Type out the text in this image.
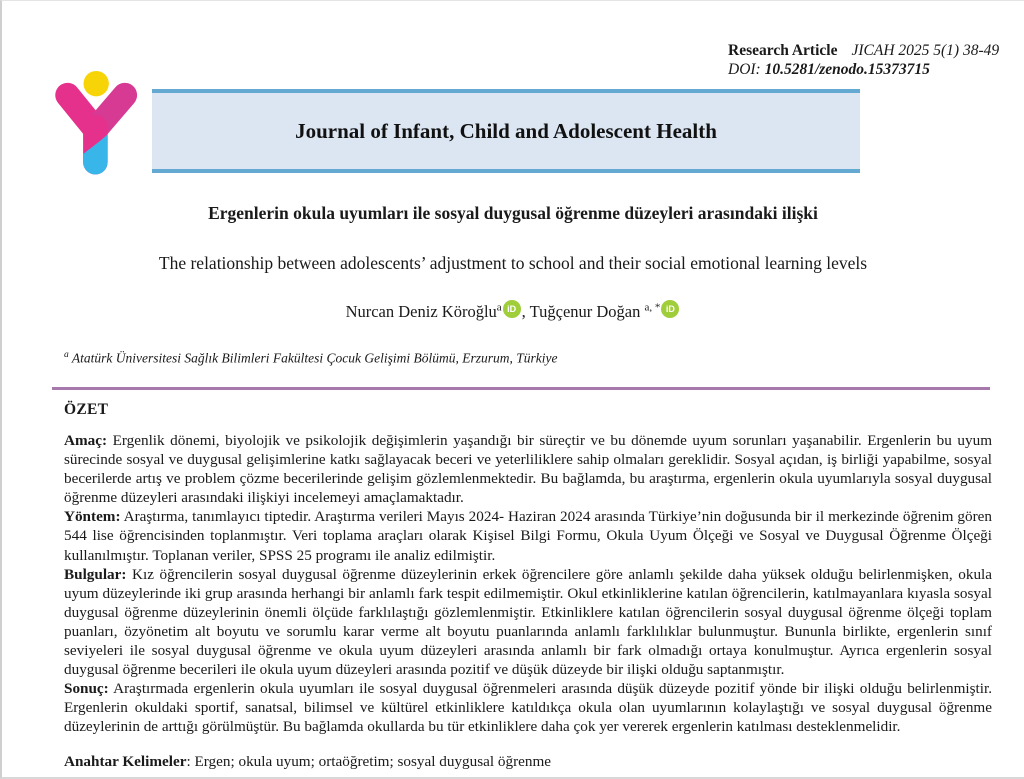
Research Article JICAH 2025 5(1) 38-49
DOI: 10.5281/zenodo.15373715
Journal of Infant, Child and Adolescent Health
Ergenlerin okula uyumları ile sosyal duygusal öğrenme düzeyleri arasındaki ilişki
The relationship between adolescents’ adjustment to school and their social emotional learning levels
Nurcan Deniz Köroğlu$^a$ iD , Tuğçenur Doğan $^{a, *}$ iD
$^a$ Atatürk Üniversitesi Sağlık Bilimleri Fakültesi Çocuk Gelişimi Bölümü, Erzurum, Türkiye
ÖZET

Amaç: Ergenlik dönemi, biyolojik ve psikolojik değişimlerin yaşandığı bir süreçtir ve bu dönemde uyum sorunları yaşanabilir. Ergenlerin bu uyum sürecinde sosyal ve duygusal gelişimlerine katkı sağlayacak beceri ve yeterliliklere sahip olmaları gereklidir. Sosyal açıdan, iş birliği yapabilme, sosyal becerilerde artış ve problem çözme becerilerinde gelişim gözlemlenmektedir. Bu bağlamda, bu araştırma, ergenlerin okula uyumlarıyla sosyal duygusal öğrenme düzeyleri arasındaki ilişkiyi incelemeyi amaçlamaktadır.

Yöntem: Araştırma, tanımlayıcı tiptedir. Araştırma verileri Mayıs 2024- Haziran 2024 arasında Türkiye’nin doğusunda bir il merkezinde öğrenim gören 544 lise öğrencisinden toplanmıştır. Veri toplama araçları olarak Kişisel Bilgi Formu, Okula Uyum Ölçeği ve Sosyal ve Duygusal Öğrenme Ölçeği kullanılmıştır. Toplanan veriler, SPSS 25 programı ile analiz edilmiştir.

Bulgular: Kız öğrencilerin sosyal duygusal öğrenme düzeylerinin erkek öğrencilere göre anlamlı şekilde daha yüksek olduğu belirlenmişken, okula uyum düzeylerinde iki grup arasında herhangi bir anlamlı fark tespit edilmemiştir. Okul etkinliklerine katılan öğrencilerin, katılmayanlara kıyasla sosyal duygusal öğrenme düzeylerinin önemli ölçüde farklılaştığı gözlemlenmiştir. Etkinliklere katılan öğrencilerin sosyal duygusal öğrenme ölçeği toplam puanları, özyönetim alt boyutu ve sorumlu karar verme alt boyutu puanlarında anlamlı farklılıklar bulunmuştur. Bununla birlikte, ergenlerin sınıf seviyeleri ile sosyal duygusal öğrenme ve okula uyum düzeyleri arasında anlamlı bir fark olmadığı ortaya konulmuştur. Ayrıca ergenlerin sosyal duygusal öğrenme becerileri ile okula uyum düzeyleri arasında pozitif ve düşük düzeyde bir ilişki olduğu saptanmıştır.

Sonuç: Araştırmada ergenlerin okula uyumları ile sosyal duygusal öğrenmeleri arasında düşük düzeyde pozitif yönde bir ilişki olduğu belirlenmiştir. Ergenlerin okuldaki sportif, sanatsal, bilimsel ve kültürel etkinliklere katıldıkça okula olan uyumlarının kolaylaştığı ve sosyal duygusal öğrenme düzeylerinin de arttığı görülmüştür. Bu bağlamda okullarda bu tür etkinliklere daha çok yer vererek ergenlerin katılması desteklenmelidir.

Anahtar Kelimeler: Ergen; okula uyum; ortaöğretim; sosyal duygusal öğrenme
